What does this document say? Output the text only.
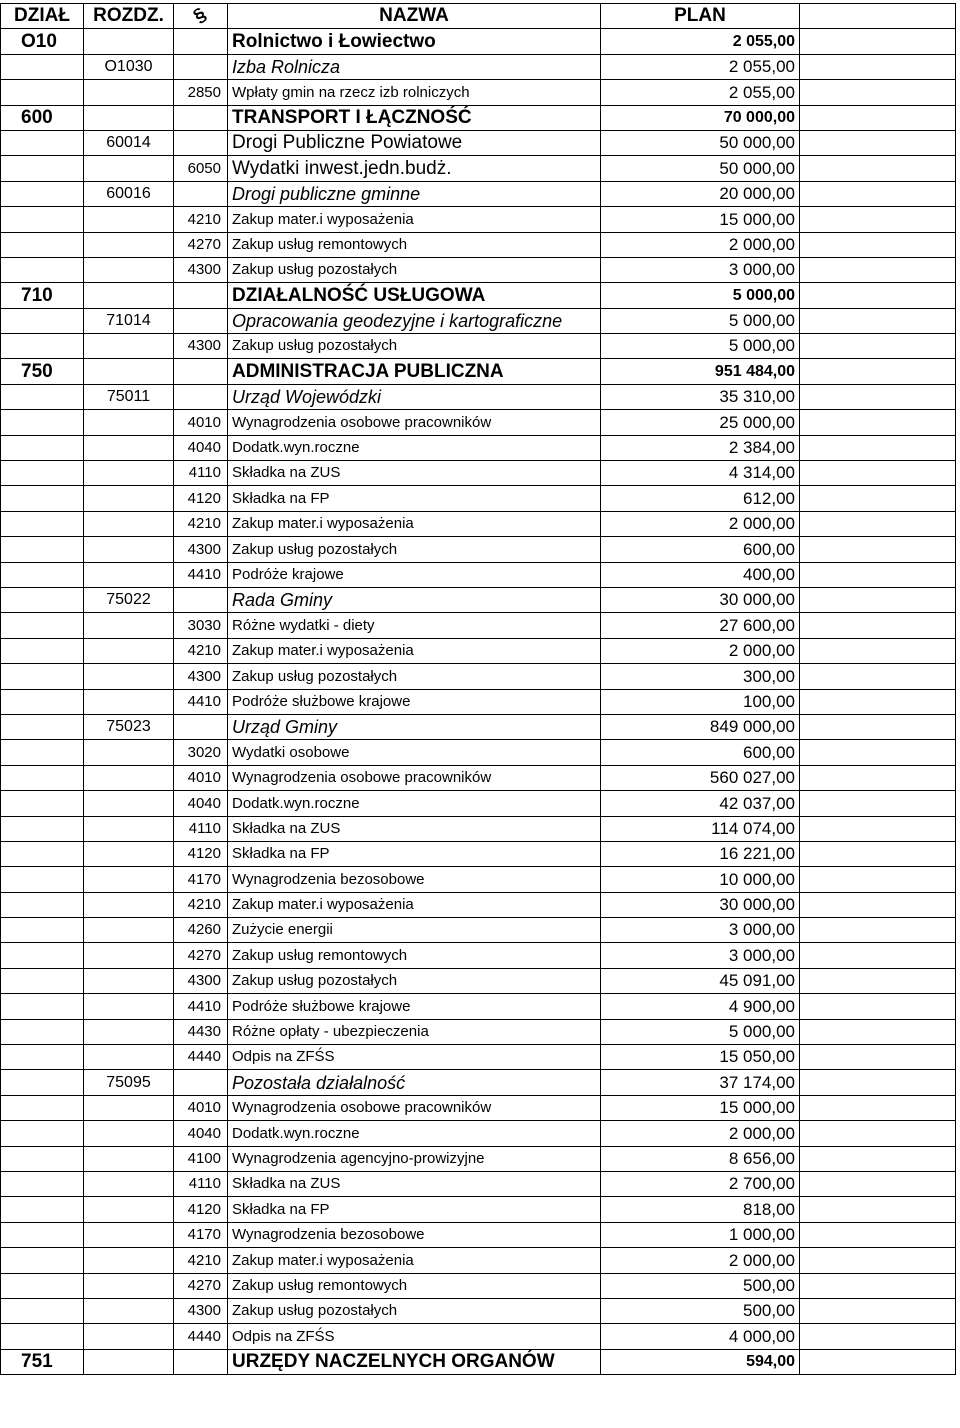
DZIAŁ	ROZDZ.	§	NAZWA	PLAN	
O10			Rolnictwo i Łowiectwo	2 055,00	
	O1030		Izba Rolnicza	2 055,00	
		2850	Wpłaty gmin na rzecz izb rolniczych	2 055,00	
600			TRANSPORT I ŁĄCZNOŚĆ	70 000,00	
	60014		Drogi Publiczne Powiatowe	50 000,00	
		6050	Wydatki inwest.jedn.budż.	50 000,00	
	60016		Drogi publiczne gminne	20 000,00	
		4210	Zakup mater.i wyposażenia	15 000,00	
		4270	Zakup usług remontowych	2 000,00	
		4300	Zakup usług pozostałych	3 000,00	
710			DZIAŁALNOŚĆ USŁUGOWA	5 000,00	
	71014		Opracowania geodezyjne i kartograficzne	5 000,00	
		4300	Zakup usług pozostałych	5 000,00	
750			ADMINISTRACJA PUBLICZNA	951 484,00	
	75011		Urząd Wojewódzki	35 310,00	
		4010	Wynagrodzenia osobowe pracowników	25 000,00	
		4040	Dodatk.wyn.roczne	2 384,00	
		4110	Składka na ZUS	4 314,00	
		4120	Składka na FP	612,00	
		4210	Zakup mater.i wyposażenia	2 000,00	
		4300	Zakup usług pozostałych	600,00	
		4410	Podróże krajowe	400,00	
	75022		Rada Gminy	30 000,00	
		3030	Różne wydatki - diety	27 600,00	
		4210	Zakup mater.i wyposażenia	2 000,00	
		4300	Zakup usług pozostałych	300,00	
		4410	Podróże służbowe krajowe	100,00	
	75023		Urząd Gminy	849 000,00	
		3020	Wydatki osobowe	600,00	
		4010	Wynagrodzenia osobowe pracowników	560 027,00	
		4040	Dodatk.wyn.roczne	42 037,00	
		4110	Składka na ZUS	114 074,00	
		4120	Składka na FP	16 221,00	
		4170	Wynagrodzenia bezosobowe	10 000,00	
		4210	Zakup mater.i wyposażenia	30 000,00	
		4260	Zużycie energii	3 000,00	
		4270	Zakup usług remontowych	3 000,00	
		4300	Zakup usług pozostałych	45 091,00	
		4410	Podróże służbowe krajowe	4 900,00	
		4430	Różne opłaty - ubezpieczenia	5 000,00	
		4440	Odpis na ZFŚS	15 050,00	
	75095		Pozostała działalność	37 174,00	
		4010	Wynagrodzenia osobowe pracowników	15 000,00	
		4040	Dodatk.wyn.roczne	2 000,00	
		4100	Wynagrodzenia agencyjno-prowizyjne	8 656,00	
		4110	Składka na ZUS	2 700,00	
		4120	Składka na FP	818,00	
		4170	Wynagrodzenia bezosobowe	1 000,00	
		4210	Zakup mater.i wyposażenia	2 000,00	
		4270	Zakup usług remontowych	500,00	
		4300	Zakup usług pozostałych	500,00	
		4440	Odpis na ZFŚS	4 000,00	
751			URZĘDY NACZELNYCH ORGANÓW	594,00	
